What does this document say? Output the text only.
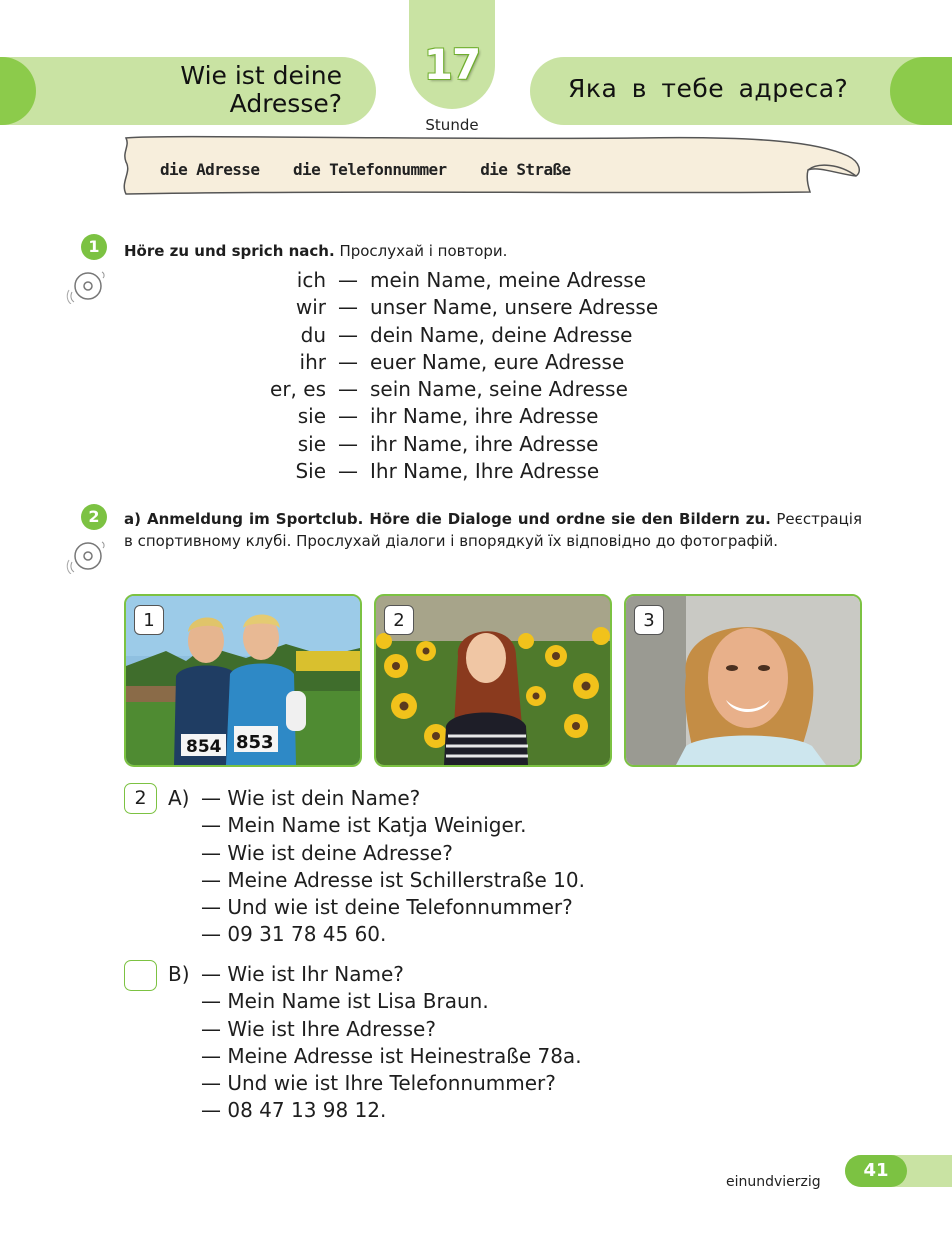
Wie ist deine
Adresse?
Яка в тебе адреса?
17
Stunde
die Adresse die Telefonnummer die Straße
1	Höre zu und sprich nach. Прослухай і повтори.
ich — mein Name, meine Adresse
wir — unser Name, unsere Adresse
du — dein Name, deine Adresse
ihr — euer Name, eure Adresse
er, es — sein Name, seine Adresse
sie — ihr Name, ihre Adresse
sie — ihr Name, ihre Adresse
Sie — Ihr Name, Ihre Adresse
2	a) Anmeldung im Sportclub. Höre die Dialoge und ordne sie den Bildern zu. Реєстрація в спортивному клубі. Прослухай діалоги і впорядкуй їх відповідно до фотографій.
854 853
1	2	3
2	A) — Wie ist dein Name?
— Mein Name ist Katja Weiniger.
— Wie ist deine Adresse?
— Meine Adresse ist Schillerstraße 10.
— Und wie ist deine Telefonnummer?
— 09 31 78 45 60.
B) — Wie ist Ihr Name?
— Mein Name ist Lisa Braun.
— Wie ist Ihre Adresse?
— Meine Adresse ist Heinestraße 78a.
— Und wie ist Ihre Telefonnummer?
— 08 47 13 98 12.
einundvierzig
41
